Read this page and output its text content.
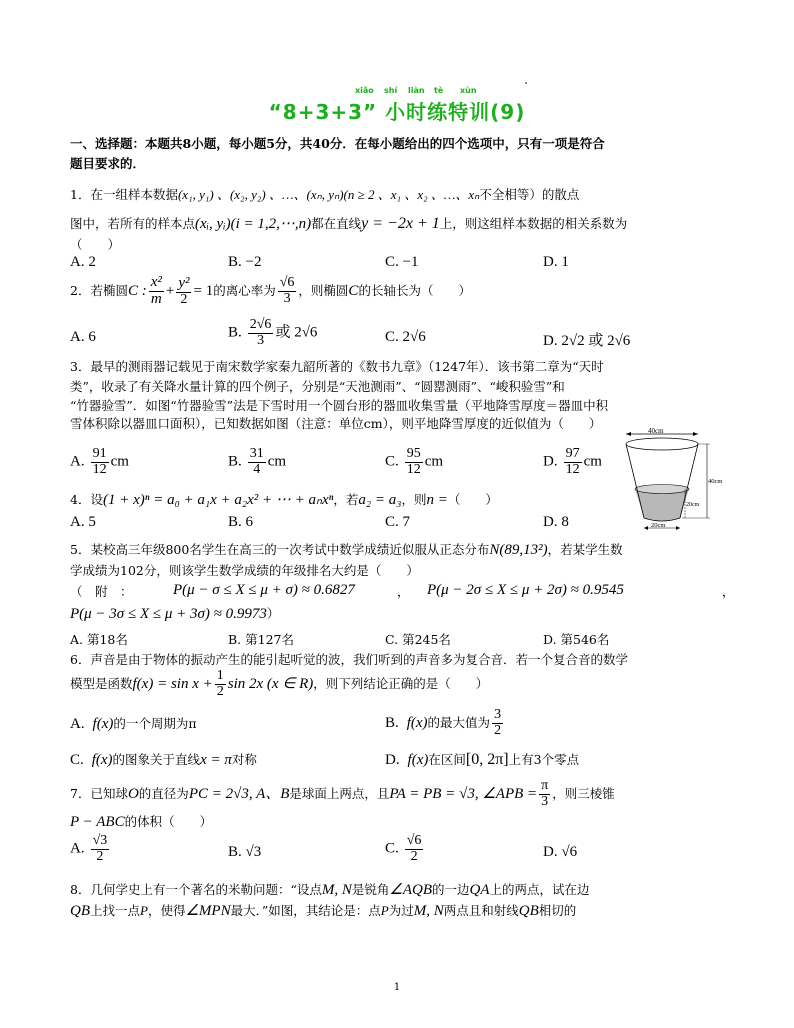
xiǎo shí liàn tè xùn
“8+3+3” 小时练特训(9)
一、选择题：本题共8小题，每小题5分，共40分．在每小题给出的四个选项中，只有一项是符合
题目要求的．
1．在一组样本数据(x₁, y₁) 、(x₂, y₂) 、…、(xₙ, yₙ)(n ≥ 2 、x₁ 、x₂ 、…、xₙ不全相等）的散点
图中，若所有的样本点(xᵢ, yᵢ)(i = 1,2,⋯,n)都在直线y = −2x + 1上，则这组样本数据的相关系数为
（　　）
A. 2	B. −2	C. −1	D. 1
2．若椭圆C : $\frac{\text{x²}}{m} + \frac{\text{y²}}{2} = 1$的离心率为 $\frac{√6}{3}$ ，则椭圆C的长轴长为（　　）
A. 6	B. $\frac{2√6}{3}$ 或 2√6	C. 2√6	D. 2√2 或 2√6
3．最早的测雨器记载见于南宋数学家秦九韶所著的《数书九章》（1247年）．该书第二章为“天时
类”，收录了有关降水量计算的四个例子，分别是“天池测雨”、“圆罂测雨”、“峻积验雪”和
“竹器验雪”．如图“竹器验雪”法是下雪时用一个圆台形的器皿收集雪量（平地降雪厚度＝器皿中积
雪体积除以器皿口面积），已知数据如图（注意：单位cm），则平地降雪厚度的近似值为（　　）
A. $\frac{91}{12}$ cm	B. $\frac{31}{4}$ cm	C. $\frac{95}{12}$ cm	D. $\frac{97}{12}$ cm
40cm
40cm
20cm
20cm
4．设(1 + x)ⁿ = a₀ + a₁x + a₂x² + ⋯ + aₙxⁿ，若a₂ = a₃，则n =（　　）
A. 5	B. 6	C. 7	D. 8
5．某校高三年级800名学生在高三的一次考试中数学成绩近似服从正态分布N(89,13²)，若某学生数
学成绩为102分，则该学生数学成绩的年级排名大约是（　　）
（　附　：	P(μ − σ ≤ X ≤ μ + σ) ≈ 0.6827	， P(μ − 2σ ≤ X ≤ μ + 2σ) ≈ 0.9545	，
P(μ − 3σ ≤ X ≤ μ + 3σ) ≈ 0.9973）
A. 第18名	B. 第127名	C. 第245名	D. 第546名
6．声音是由于物体的振动产生的能引起听觉的波，我们听到的声音多为复合音．若一个复合音的数学
模型是函数$f(x) = \sin x + \frac{1}{2}$ sin 2x (x ∈ R)，则下列结论正确的是（　　）
A. f(x)的一个周期为π	B. f(x)的最大值为 $\frac{3}{2}$
C. f(x)的图象关于直线x = π对称	D. f(x)在区间[0, 2π]上有3个零点
7．已知球O的直径为PC = 2√3, A、B是球面上两点，且PA = PB = √3, ∠APB = $\frac{\pi}{3}$ ，则三棱锥
P − ABC的体积（　　）
A. $\frac{√3}{2}$	B. √3	C. $\frac{√6}{2}$	D. √6
8．几何学史上有一个著名的米勒问题：“设点M, N是锐角∠AQB的一边QA上的两点，试在边
QB上找一点P，使得∠MPN最大．”如图，其结论是：点P为过M, N两点且和射线QB相切的
1
